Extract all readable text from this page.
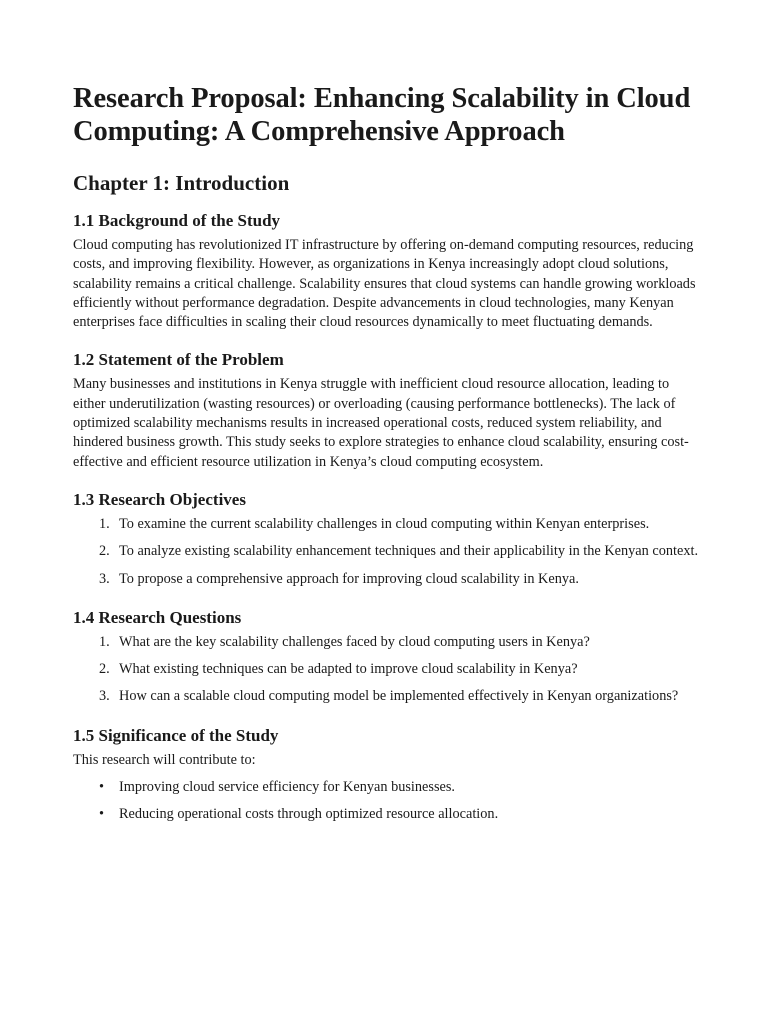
Research Proposal: Enhancing Scalability in Cloud Computing: A Comprehensive Approach
Chapter 1: Introduction
1.1 Background of the Study

Cloud computing has revolutionized IT infrastructure by offering on-demand computing resources, reducing costs, and improving flexibility. However, as organizations in Kenya increasingly adopt cloud solutions, scalability remains a critical challenge. Scalability ensures that cloud systems can handle growing workloads efficiently without performance degradation. Despite advancements in cloud technologies, many Kenyan enterprises face difficulties in scaling their cloud resources dynamically to meet fluctuating demands.

1.2 Statement of the Problem

Many businesses and institutions in Kenya struggle with inefficient cloud resource allocation, leading to either underutilization (wasting resources) or overloading (causing performance bottlenecks). The lack of optimized scalability mechanisms results in increased operational costs, reduced system reliability, and hindered business growth. This study seeks to explore strategies to enhance cloud scalability, ensuring cost-effective and efficient resource utilization in Kenya’s cloud computing ecosystem.

1.3 Research Objectives
1. To examine the current scalability challenges in cloud computing within Kenyan enterprises.
2. To analyze existing scalability enhancement techniques and their applicability in the Kenyan context.
3. To propose a comprehensive approach for improving cloud scalability in Kenya.
1.4 Research Questions
1. What are the key scalability challenges faced by cloud computing users in Kenya?
2. What existing techniques can be adapted to improve cloud scalability in Kenya?
3. How can a scalable cloud computing model be implemented effectively in Kenyan organizations?
1.5 Significance of the Study

This research will contribute to:

• Improving cloud service efficiency for Kenyan businesses.
• Reducing operational costs through optimized resource allocation.
